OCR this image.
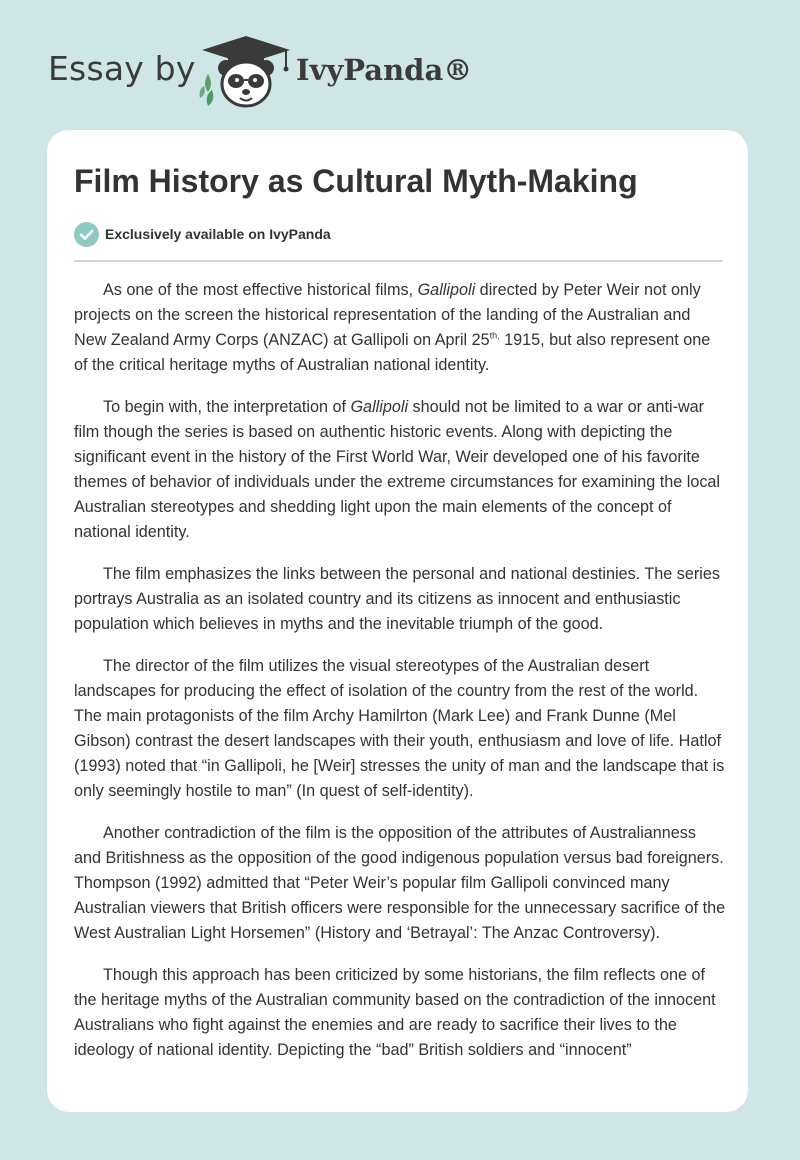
Essay by	IvyPanda®
Film History as Cultural Myth-Making
Exclusively available on IvyPanda

As one of the most effective historical films, Gallipoli directed by Peter Weir not only projects on the screen the historical representation of the landing of the Australian and New Zealand Army Corps (ANZAC) at Gallipoli on April $25^{th,}$ 1915, but also represent one of the critical heritage myths of Australian national identity.

To begin with, the interpretation of Gallipoli should not be limited to a war or anti-war film though the series is based on authentic historic events. Along with depicting the significant event in the history of the First World War, Weir developed one of his favorite themes of behavior of individuals under the extreme circumstances for examining the local Australian stereotypes and shedding light upon the main elements of the concept of national identity.

The film emphasizes the links between the personal and national destinies. The series portrays Australia as an isolated country and its citizens as innocent and enthusiastic population which believes in myths and the inevitable triumph of the good.

The director of the film utilizes the visual stereotypes of the Australian desert landscapes for producing the effect of isolation of the country from the rest of the world. The main protagonists of the film Archy Hamilrton (Mark Lee) and Frank Dunne (Mel Gibson) contrast the desert landscapes with their youth, enthusiasm and love of life. Hatlof (1993) noted that “in Gallipoli, he [Weir] stresses the unity of man and the landscape that is only seemingly hostile to man” (In quest of self-identity).

Another contradiction of the film is the opposition of the attributes of Australianness and Britishness as the opposition of the good indigenous population versus bad foreigners. Thompson (1992) admitted that “Peter Weir’s popular film Gallipoli convinced many Australian viewers that British officers were responsible for the unnecessary sacrifice of the West Australian Light Horsemen” (History and ‘Betrayal’: The Anzac Controversy).

Though this approach has been criticized by some historians, the film reflects one of the heritage myths of the Australian community based on the contradiction of the innocent Australians who fight against the enemies and are ready to sacrifice their lives to the ideology of national identity. Depicting the “bad” British soldiers and “innocent”
